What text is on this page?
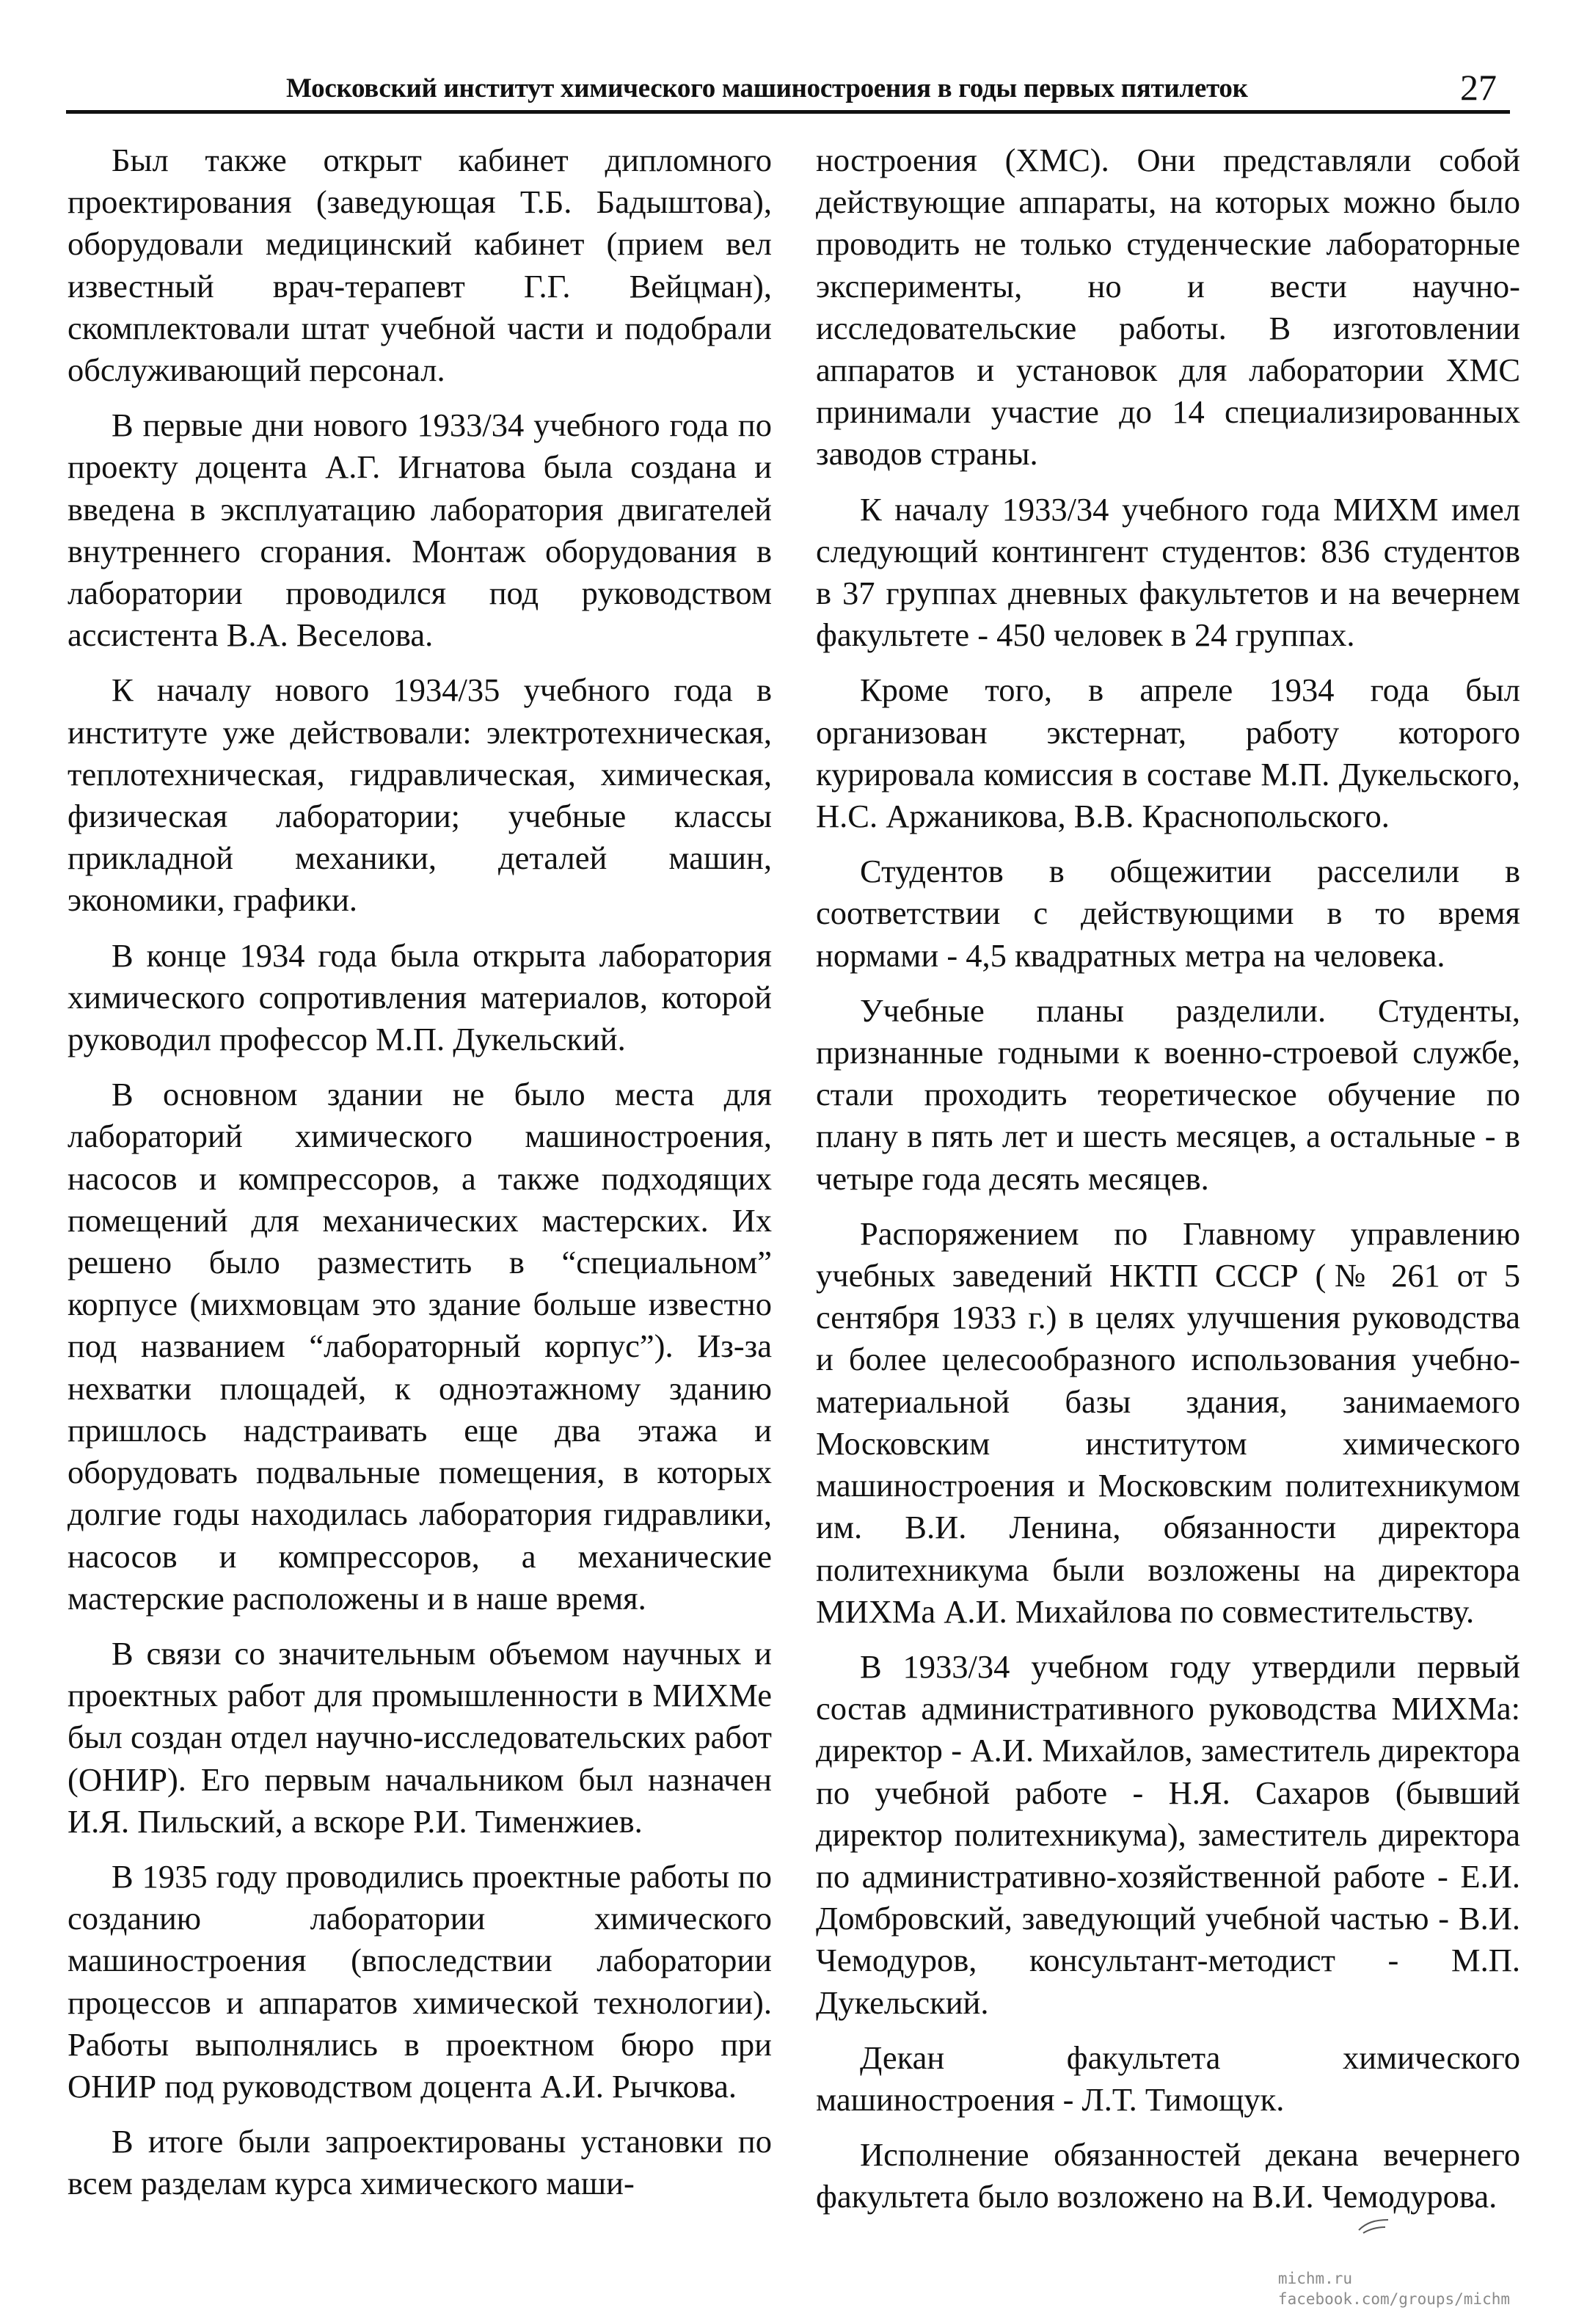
Московский институт химического машиностроения в годы первых пятилеток	27

Был также открыт кабинет дипломного проектирования (заведующая Т.Б. Бадыштова), оборудовали медицинский кабинет (прием вел известный врач-терапевт Г.Г. Вейцман), скомплектовали штат учебной части и подобрали обслуживающий персонал.

В первые дни нового 1933/34 учебного года по проекту доцента А.Г. Игнатова была создана и введена в эксплуатацию лаборатория двигателей внутреннего сгорания. Монтаж оборудования в лаборатории проводился под руководством ассистента В.А. Веселова.

К началу нового 1934/35 учебного года в институте уже действовали: электротехническая, теплотехническая, гидравлическая, химическая, физическая лаборатории; учебные классы прикладной механики, деталей машин, экономики, графики.

В конце 1934 года была открыта лаборатория химического сопротивления материалов, которой руководил профессор М.П. Дукельский.

В основном здании не было места для лабораторий химического машиностроения, насосов и компрессоров, а также подходящих помещений для механических мастерских. Их решено было разместить в “специальном” корпусе (михмовцам это здание больше известно под названием “лабораторный корпус”). Из-за нехватки площадей, к одноэтажному зданию пришлось надстраивать еще два этажа и оборудовать подвальные помещения, в которых долгие годы находилась лаборатория гидравлики, насосов и компрессоров, а механические мастерские расположены и в наше время.

В связи со значительным объемом научных и проектных работ для промышленности в МИХМе был создан отдел научно-исследовательских работ (ОНИР). Его первым начальником был назначен И.Я. Пильский, а вскоре Р.И. Тименжиев.

В 1935 году проводились проектные работы по созданию лаборатории химического машиностроения (впоследствии лаборатории процессов и аппаратов химической технологии). Работы выполнялись в проектном бюро при ОНИР под руководством доцента А.И. Рычкова.

В итоге были запроектированы установки по всем разделам курса химического маши-

ностроения (ХМС). Они представляли собой действующие аппараты, на которых можно было проводить не только студенческие лабораторные эксперименты, но и вести научно-исследовательские работы. В изготовлении аппаратов и установок для лаборатории ХМС принимали участие до 14 специализированных заводов страны.

К началу 1933/34 учебного года МИХМ имел следующий контингент студентов: 836 студентов в 37 группах дневных факультетов и на вечернем факультете - 450 человек в 24 группах.

Кроме того, в апреле 1934 года был организован экстернат, работу которого курировала комиссия в составе М.П. Дукельского, Н.С. Аржаникова, В.В. Краснопольского.

Студентов в общежитии расселили в соответствии с действующими в то время нормами - 4,5 квадратных метра на человека.

Учебные планы разделили. Студенты, признанные годными к военно-строевой службе, стали проходить теоретическое обучение по плану в пять лет и шесть месяцев, а остальные - в четыре года десять месяцев.

Распоряжением по Главному управлению учебных заведений НКТП СССР (№ 261 от 5 сентября 1933 г.) в целях улучшения руководства и более целесообразного использования учебно-материальной базы здания, занимаемого Московским институтом химического машиностроения и Московским политехникумом им. В.И. Ленина, обязанности директора политехникума были возложены на директора МИХМа А.И. Михайлова по совместительству.

В 1933/34 учебном году утвердили первый состав административного руководства МИХМа: директор - А.И. Михайлов, заместитель директора по учебной работе - Н.Я. Сахаров (бывший директор политехникума), заместитель директора по административно-хозяйственной работе - Е.И. Домбровский, заведующий учебной частью - В.И. Чемодуров, консультант-методист - М.П. Дукельский.

Декан факультета химического машиностроения - Л.Т. Тимощук.

Исполнение обязанностей декана вечернего факультета было возложено на В.И. Чемодурова.

michm.ru
facebook.com/groups/michm
